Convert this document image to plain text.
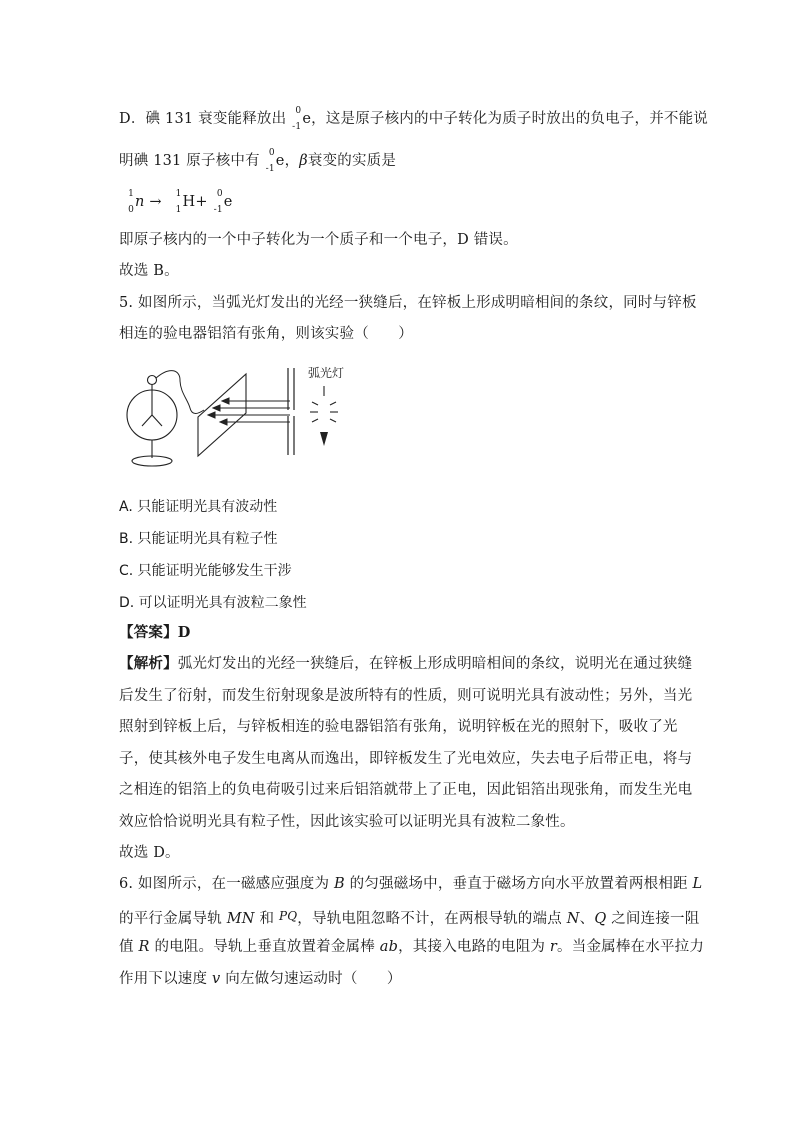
D．碘 131 衰变能释放出 0
-1 e，这是原子核内的中子转化为质子时放出的负电子，并不能说
明碘 131 原子核中有 0
-1 e，β衰变的实质是
1
0 n → 1
1 H+ 0
-1 e
即原子核内的一个中子转化为一个质子和一个电子，D 错误。
故选 B。
5. 如图所示，当弧光灯发出的光经一狭缝后，在锌板上形成明暗相间的条纹，同时与锌板
相连的验电器铝箔有张角，则该实验（　　）
弧光灯
A. 只能证明光具有波动性
B. 只能证明光具有粒子性
C. 只能证明光能够发生干涉
D. 可以证明光具有波粒二象性
【答案】D
【解析】弧光灯发出的光经一狭缝后，在锌板上形成明暗相间的条纹，说明光在通过狭缝
后发生了衍射，而发生衍射现象是波所特有的性质，则可说明光具有波动性；另外，当光
照射到锌板上后，与锌板相连的验电器铝箔有张角，说明锌板在光的照射下，吸收了光
子，使其核外电子发生电离从而逸出，即锌板发生了光电效应，失去电子后带正电，将与
之相连的铝箔上的负电荷吸引过来后铝箔就带上了正电，因此铝箔出现张角，而发生光电
效应恰恰说明光具有粒子性，因此该实验可以证明光具有波粒二象性。
故选 D。
6. 如图所示，在一磁感应强度为 B 的匀强磁场中，垂直于磁场方向水平放置着两根相距 L
的平行金属导轨 MN 和 $^{PQ}$，导轨电阻忽略不计，在两根导轨的端点 N、Q 之间连接一阻
值 R 的电阻。导轨上垂直放置着金属棒 ab，其接入电路的电阻为 r。当金属棒在水平拉力
作用下以速度 v 向左做匀速运动时（　　）
